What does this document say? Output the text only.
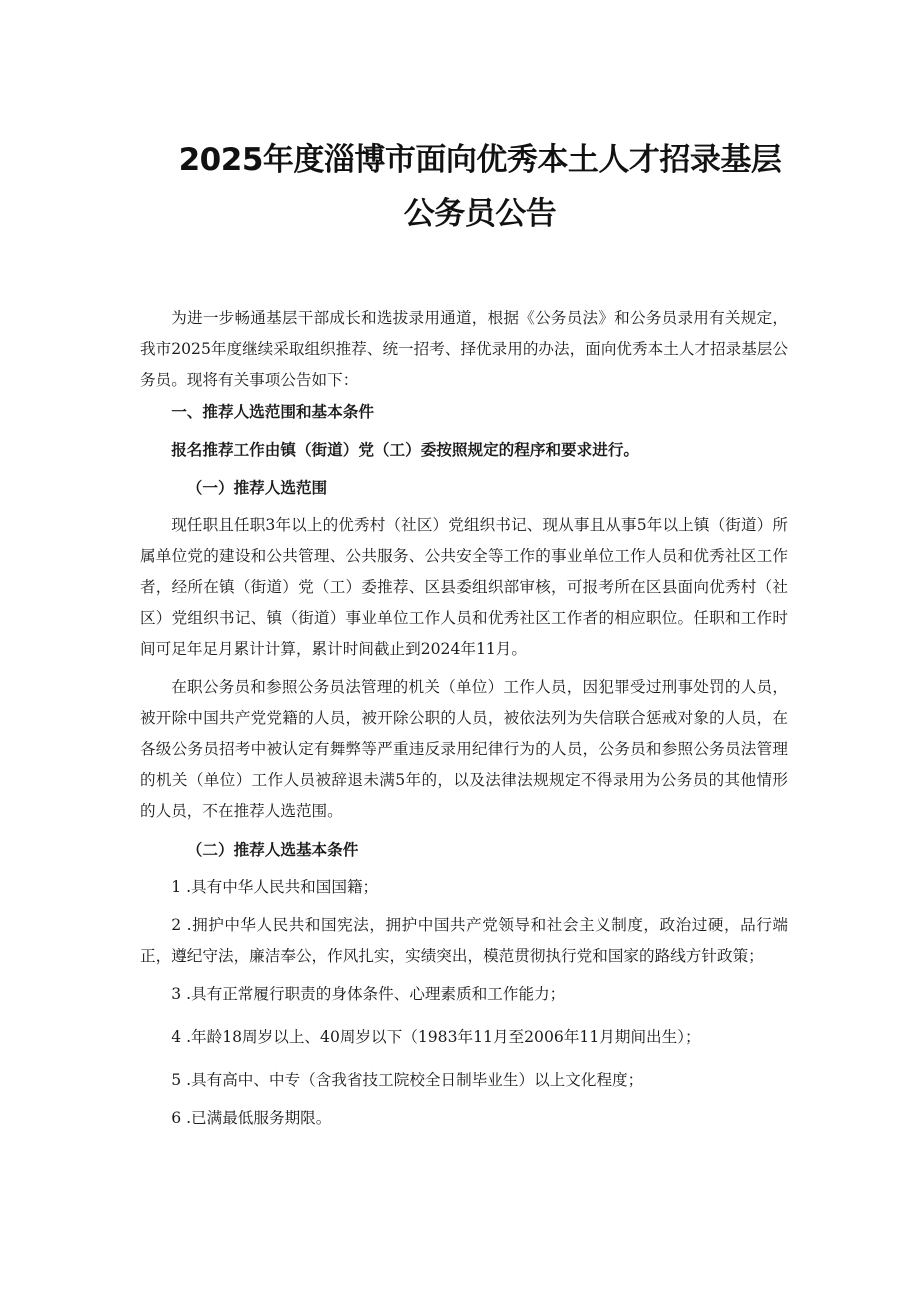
2025年度淄博市面向优秀本土人才招录基层
公务员公告

为进一步畅通基层干部成长和选拔录用通道，根据《公务员法》和公务员录用有关规定，我市2025年度继续采取组织推荐、统一招考、择优录用的办法，面向优秀本土人才招录基层公务员。现将有关事项公告如下：

一、推荐人选范围和基本条件

报名推荐工作由镇（街道）党（工）委按照规定的程序和要求进行。

（一）推荐人选范围

现任职且任职3年以上的优秀村（社区）党组织书记、现从事且从事5年以上镇（街道）所属单位党的建设和公共管理、公共服务、公共安全等工作的事业单位工作人员和优秀社区工作者，经所在镇（街道）党（工）委推荐、区县委组织部审核，可报考所在区县面向优秀村（社区）党组织书记、镇（街道）事业单位工作人员和优秀社区工作者的相应职位。任职和工作时间可足年足月累计计算，累计时间截止到2024年11月。

在职公务员和参照公务员法管理的机关（单位）工作人员，因犯罪受过刑事处罚的人员，被开除中国共产党党籍的人员，被开除公职的人员，被依法列为失信联合惩戒对象的人员，在各级公务员招考中被认定有舞弊等严重违反录用纪律行为的人员，公务员和参照公务员法管理的机关（单位）工作人员被辞退未满5年的，以及法律法规规定不得录用为公务员的其他情形的人员，不在推荐人选范围。

（二）推荐人选基本条件

1 .具有中华人民共和国国籍；

2 .拥护中华人民共和国宪法，拥护中国共产党领导和社会主义制度，政治过硬，品行端正，遵纪守法，廉洁奉公，作风扎实，实绩突出，模范贯彻执行党和国家的路线方针政策；

3 .具有正常履行职责的身体条件、心理素质和工作能力；

4 .年龄18周岁以上、40周岁以下（1983年11月至2006年11月期间出生）；

5 .具有高中、中专（含我省技工院校全日制毕业生）以上文化程度；

6 .已满最低服务期限。
